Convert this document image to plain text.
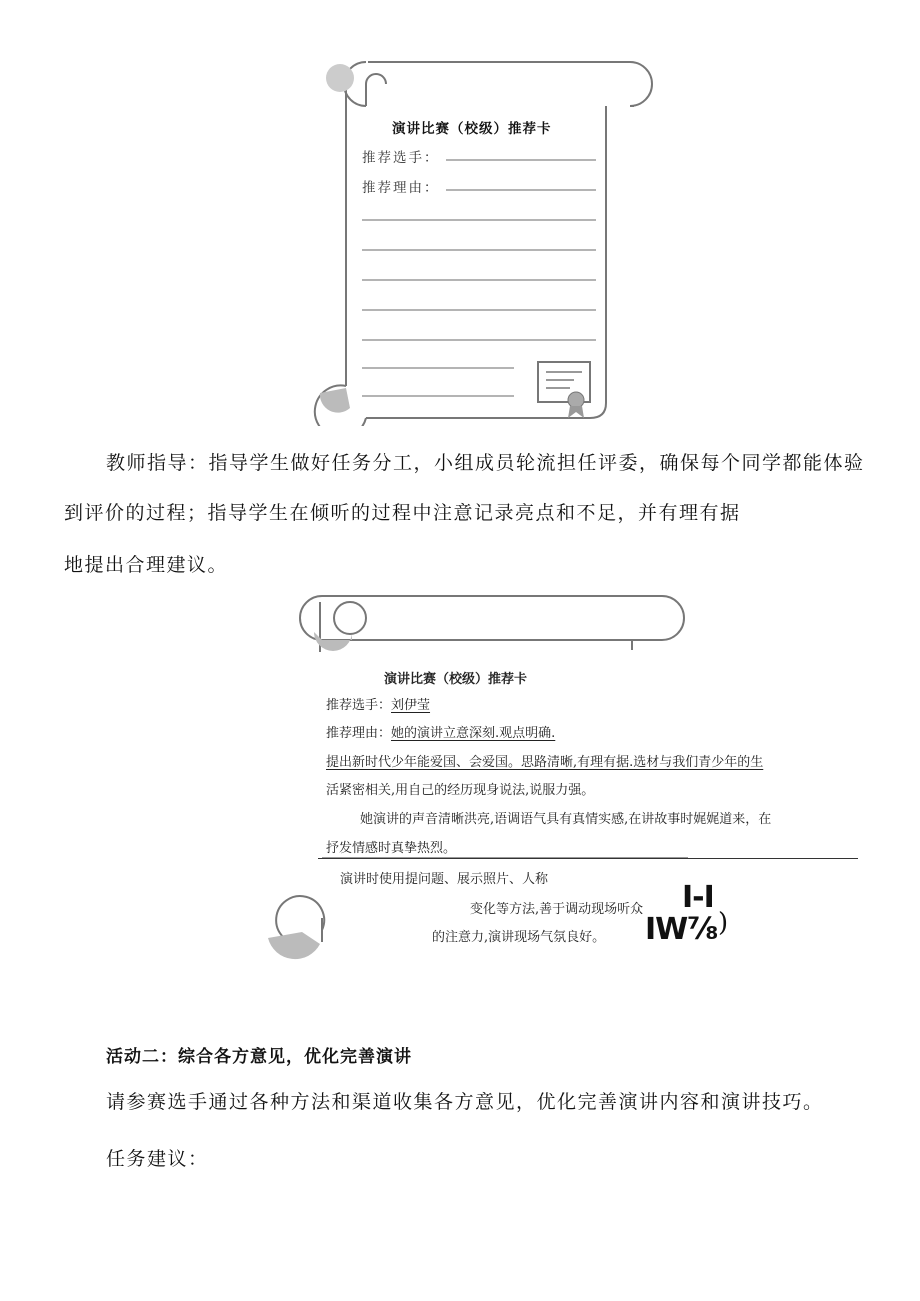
演讲比赛（校级）推荐卡
推荐选手：
推荐理由：
教师指导：指导学生做好任务分工，小组成员轮流担任评委，确保每个同学都能体验
到评价的过程；指导学生在倾听的过程中注意记录亮点和不足，并有理有据
地提出合理建议。
演讲比赛（校级）推荐卡
推荐选手：刘伊莹
推荐理由：她的演讲立意深刻.观点明确.
提出新时代少年能爱国、会爱国。思路清晰,有理有据.选材与我们青少年的生
活紧密相关,用自己的经历现身说法,说服力强。
她演讲的声音清晰洪亮,语调语气具有真情实感,在讲故事时娓娓道来，在
抒发情感时真挚热烈。
演讲时使用提问题、展示照片、人称
变化等方法,善于调动现场听众
的注意力,演讲现场气氛良好。
I-I
IW⅞ )
活动二：综合各方意见，优化完善演讲
请参赛选手通过各种方法和渠道收集各方意见，优化完善演讲内容和演讲技巧。
任务建议：
